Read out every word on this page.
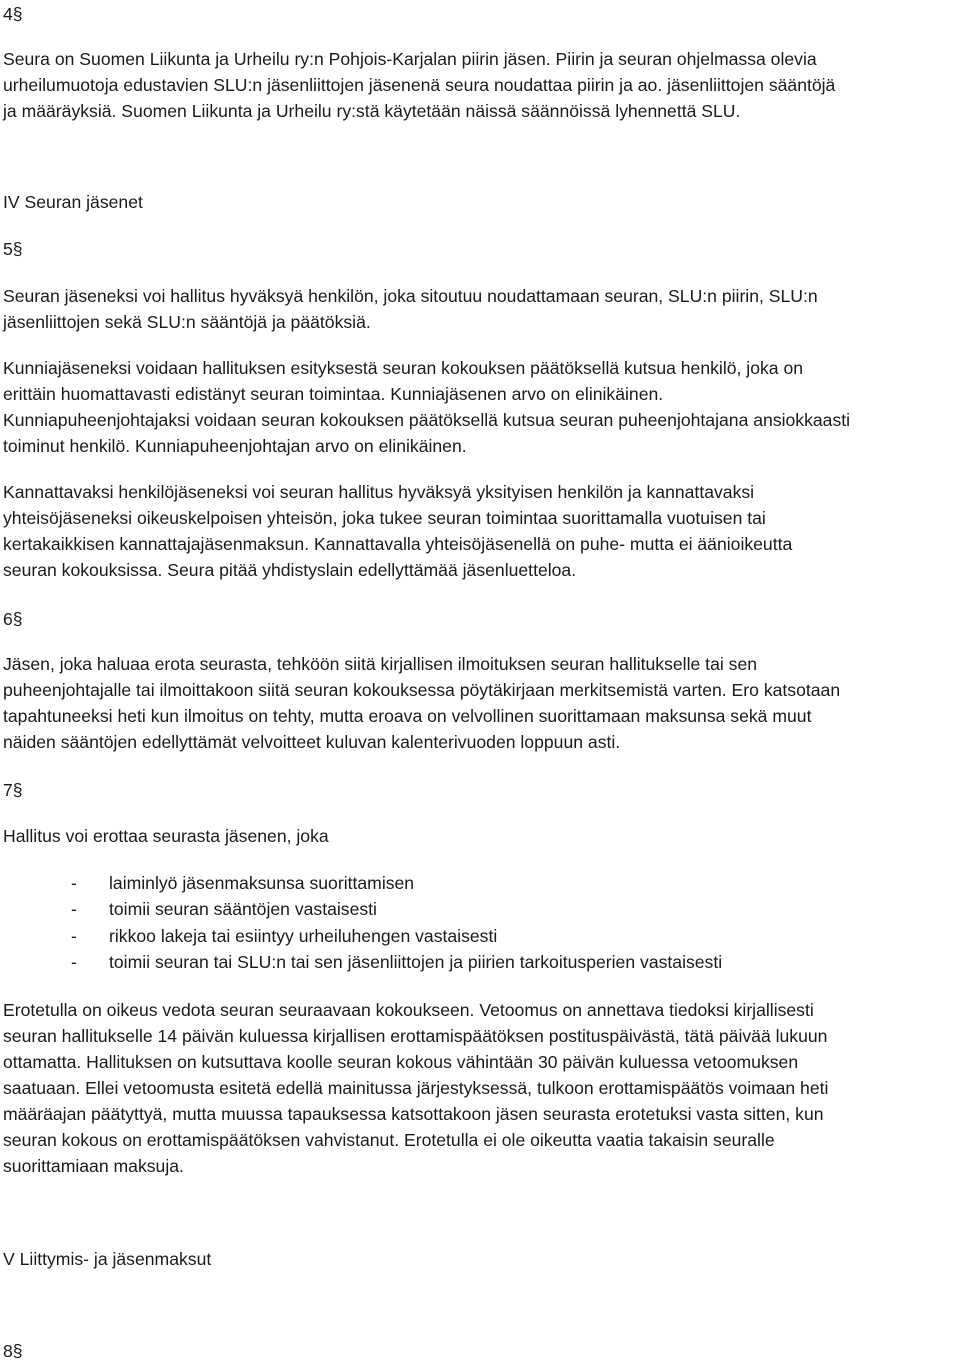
4§
Seura on Suomen Liikunta ja Urheilu ry:n Pohjois-Karjalan piirin jäsen. Piirin ja seuran ohjelmassa olevia
urheilumuotoja edustavien SLU:n jäsenliittojen jäsenenä seura noudattaa piirin ja ao. jäsenliittojen sääntöjä
ja määräyksiä. Suomen Liikunta ja Urheilu ry:stä käytetään näissä säännöissä lyhennettä SLU.
IV Seuran jäsenet
5§
Seuran jäseneksi voi hallitus hyväksyä henkilön, joka sitoutuu noudattamaan seuran, SLU:n piirin, SLU:n
jäsenliittojen sekä SLU:n sääntöjä ja päätöksiä.
Kunniajäseneksi voidaan hallituksen esityksestä seuran kokouksen päätöksellä kutsua henkilö, joka on
erittäin huomattavasti edistänyt seuran toimintaa. Kunniajäsenen arvo on elinikäinen.
Kunniapuheenjohtajaksi voidaan seuran kokouksen päätöksellä kutsua seuran puheenjohtajana ansiokkaasti
toiminut henkilö. Kunniapuheenjohtajan arvo on elinikäinen.
Kannattavaksi henkilöjäseneksi voi seuran hallitus hyväksyä yksityisen henkilön ja kannattavaksi
yhteisöjäseneksi oikeuskelpoisen yhteisön, joka tukee seuran toimintaa suorittamalla vuotuisen tai
kertakaikkisen kannattajajäsenmaksun. Kannattavalla yhteisöjäsenellä on puhe- mutta ei äänioikeutta
seuran kokouksissa. Seura pitää yhdistyslain edellyttämää jäsenluetteloa.
6§
Jäsen, joka haluaa erota seurasta, tehköön siitä kirjallisen ilmoituksen seuran hallitukselle tai sen
puheenjohtajalle tai ilmoittakoon siitä seuran kokouksessa pöytäkirjaan merkitsemistä varten. Ero katsotaan
tapahtuneeksi heti kun ilmoitus on tehty, mutta eroava on velvollinen suorittamaan maksunsa sekä muut
näiden sääntöjen edellyttämät velvoitteet kuluvan kalenterivuoden loppuun asti.
7§
Hallitus voi erottaa seurasta jäsenen, joka
- laiminlyö jäsenmaksunsa suorittamisen
- toimii seuran sääntöjen vastaisesti
- rikkoo lakeja tai esiintyy urheiluhengen vastaisesti
- toimii seuran tai SLU:n tai sen jäsenliittojen ja piirien tarkoitusperien vastaisesti
Erotetulla on oikeus vedota seuran seuraavaan kokoukseen. Vetoomus on annettava tiedoksi kirjallisesti
seuran hallitukselle 14 päivän kuluessa kirjallisen erottamispäätöksen postituspäivästä, tätä päivää lukuun
ottamatta. Hallituksen on kutsuttava koolle seuran kokous vähintään 30 päivän kuluessa vetoomuksen
saatuaan. Ellei vetoomusta esitetä edellä mainitussa järjestyksessä, tulkoon erottamispäätös voimaan heti
määräajan päätyttyä, mutta muussa tapauksessa katsottakoon jäsen seurasta erotetuksi vasta sitten, kun
seuran kokous on erottamispäätöksen vahvistanut. Erotetulla ei ole oikeutta vaatia takaisin seuralle
suorittamiaan maksuja.
V Liittymis- ja jäsenmaksut
8§
